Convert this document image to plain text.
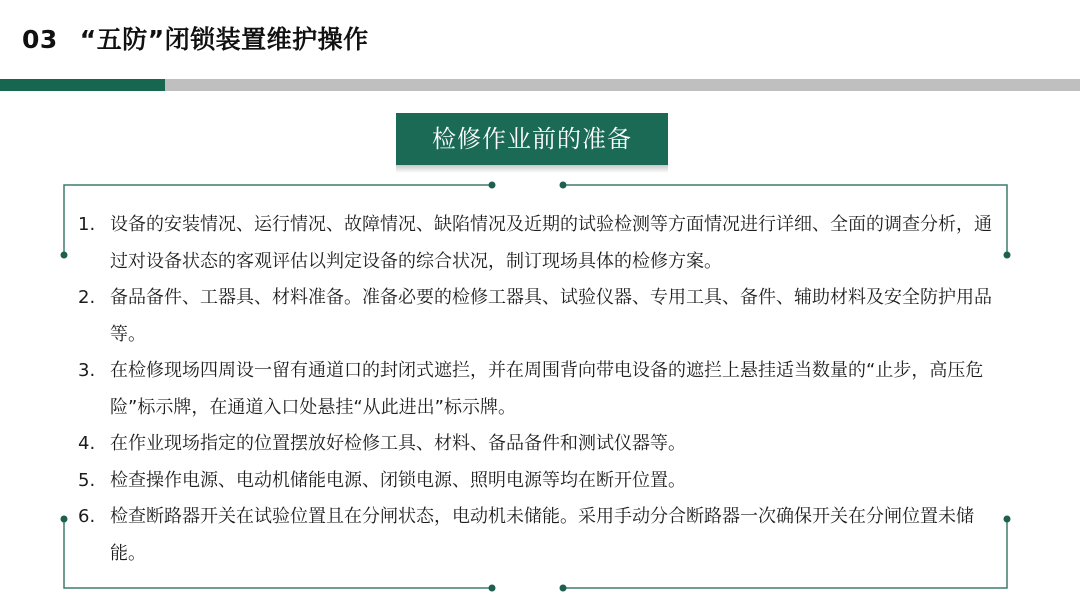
03 “五防”闭锁装置维护操作
检修作业前的准备
1. 设备的安装情况、运行情况、故障情况、缺陷情况及近期的试验检测等方面情况进行详细、全面的调查分析，通过对设备状态的客观评估以判定设备的综合状况，制订现场具体的检修方案。
2. 备品备件、工器具、材料准备。准备必要的检修工器具、试验仪器、专用工具、备件、辅助材料及安全防护用品等。
3. 在检修现场四周设一留有通道口的封闭式遮拦，并在周围背向带电设备的遮拦上悬挂适当数量的“止步，高压危险”标示牌，在通道入口处悬挂“从此进出”标示牌。
4. 在作业现场指定的位置摆放好检修工具、材料、备品备件和测试仪器等。
5. 检查操作电源、电动机储能电源、闭锁电源、照明电源等均在断开位置。
6. 检查断路器开关在试验位置且在分闸状态，电动机未储能。采用手动分合断路器一次确保开关在分闸位置未储能。
